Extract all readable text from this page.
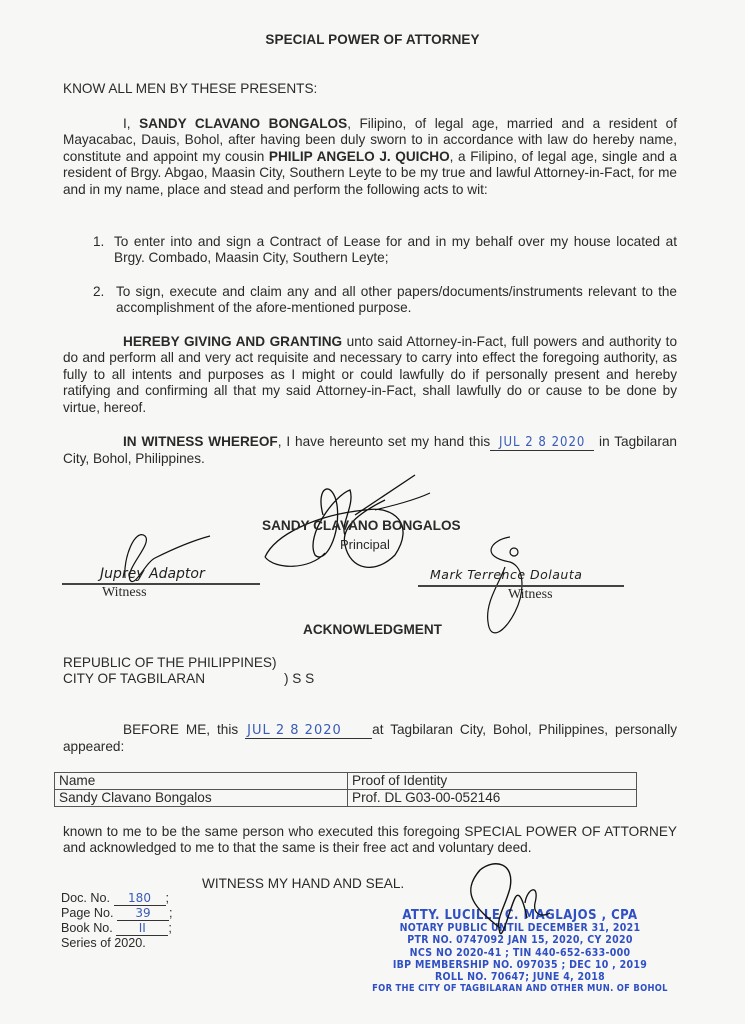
SPECIAL POWER OF ATTORNEY
KNOW ALL MEN BY THESE PRESENTS:
I, SANDY CLAVANO BONGALOS, Filipino, of legal age, married and a resident of Mayacabac, Dauis, Bohol, after having been duly sworn to in accordance with law do hereby name, constitute and appoint my cousin PHILIP ANGELO J. QUICHO, a Filipino, of legal age, single and a resident of Brgy. Abgao, Maasin City, Southern Leyte to be my true and lawful Attorney-in-Fact, for me and in my name, place and stead and perform the following acts to wit:
1. To enter into and sign a Contract of Lease for and in my behalf over my house located at Brgy. Combado, Maasin City, Southern Leyte;
2. To sign, execute and claim any and all other papers/documents/instruments relevant to the accomplishment of the afore-mentioned purpose.
HEREBY GIVING AND GRANTING unto said Attorney-in-Fact, full powers and authority to do and perform all and very act requisite and necessary to carry into effect the foregoing authority, as fully to all intents and purposes as I might or could lawfully do if personally present and hereby ratifying and confirming all that my said Attorney-in-Fact, shall lawfully do or cause to be done by virtue, hereof.
IN WITNESS WHEREOF, I have hereunto set my hand this JUL 2 8 2020 in Tagbilaran City, Bohol, Philippines.
SANDY CLAVANO BONGALOS
Principal
Juprey Adaptor
Witness
Mark Terrence Dolauta
Witness
ACKNOWLEDGMENT
REPUBLIC OF THE PHILIPPINES)
CITY OF TAGBILARAN	) S S
BEFORE ME, this JUL 2 8 2020 at Tagbilaran City, Bohol, Philippines, personally appeared:
Name	Proof of Identity
Sandy Clavano Bongalos	Prof. DL G03-00-052146
known to me to be the same person who executed this foregoing SPECIAL POWER OF ATTORNEY and acknowledged to me to that the same is their free act and voluntary deed.
WITNESS MY HAND AND SEAL.
Doc. No. 180 ;
Page No. 39 ;
Book No. II ;
Series of 2020.
ATTY. LUCILLE C. MAGLAJOS , CPA
NOTARY PUBLIC UNTIL DECEMBER 31, 2021
PTR NO. 0747092 JAN 15, 2020, CY 2020
NCS NO 2020-41 ; TIN 440-652-633-000
IBP MEMBERSHIP NO. 097035 ; DEC 10 , 2019
ROLL NO. 70647; JUNE 4, 2018
FOR THE CITY OF TAGBILARAN AND OTHER MUN. OF BOHOL
